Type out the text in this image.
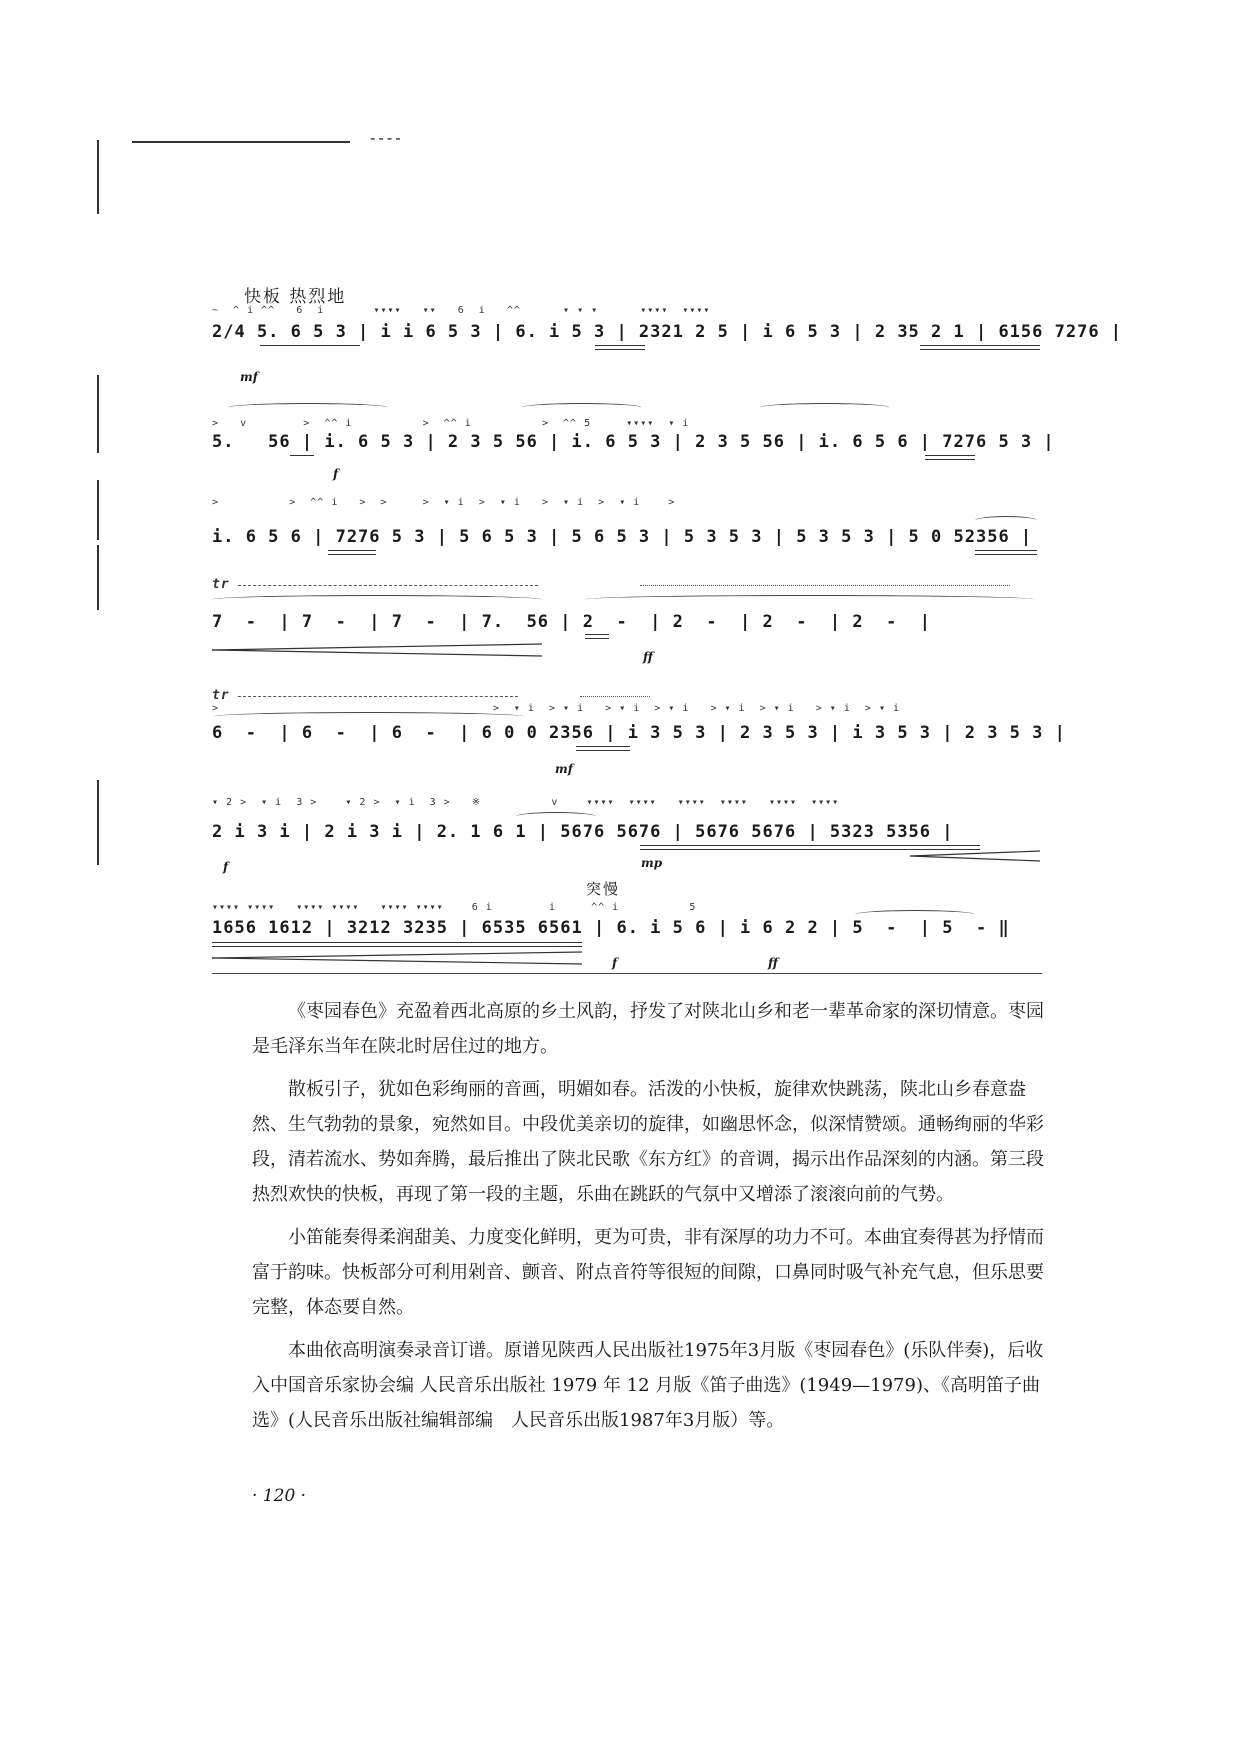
----
快板 热烈地
~  ^ i ^^   6  i       ▾▾▾▾   ▾▾   6  i   ^^      ▾ ▾ ▾      ▾▾▾▾  ▾▾▾▾
2/4 5. 6 5 3 | i i 6 5 3 | 6. i 5 3 | 2321 2 5 | i 6 5 3 | 2 35 2 1 | 6156 7276 |
mf
>   v        >  ^^ i          >  ^^ i          >  ^^ 5     ▾▾▾▾  ▾ i
5.   56 | i. 6 5 3 | 2 3 5 56 | i. 6 5 3 | 2 3 5 56 | i. 6 5 6 | 7276 5 3 |
f
>          >  ^^ i   >  >     >  ▾ i  >  ▾ i   >  ▾ i  >  ▾ i    >
i. 6 5 6 | 7276 5 3 | 5 6 5 3 | 5 6 5 3 | 5 3 5 3 | 5 3 5 3 | 5 0 52356 |
tr
7  -  | 7  -  | 7  -  | 7.  56 | 2  -  | 2  -  | 2  -  | 2  -  |
ff
tr
>                                       >  ▾ i  > ▾ i   > ▾ i  > ▾ i   > ▾ i  > ▾ i   > ▾ i  > ▾ i
6  -  | 6  -  | 6  -  | 6 0 0 2356 | i 3 5 3 | 2 3 5 3 | i 3 5 3 | 2 3 5 3 |
mf
▾ 2 >  ▾ i  3 >    ▾ 2 >  ▾ i  3 >   ※          v    ▾▾▾▾  ▾▾▾▾   ▾▾▾▾  ▾▾▾▾   ▾▾▾▾  ▾▾▾▾
2 i 3 i | 2 i 3 i | 2. 1 6 1 | 5676 5676 | 5676 5676 | 5323 5356 |
f	mp
突慢
▾▾▾▾ ▾▾▾▾   ▾▾▾▾ ▾▾▾▾   ▾▾▾▾ ▾▾▾▾    6 i        i     ^^ i          5
1656 1612 | 3212 3235 | 6535 6561 | 6. i 5 6 | i 6 2 2 | 5  -  | 5  - ‖
f	ff

《枣园春色》充盈着西北高原的乡土风韵，抒发了对陕北山乡和老一辈革命家的深切情意。枣园是毛泽东当年在陕北时居住过的地方。

散板引子，犹如色彩绚丽的音画，明媚如春。活泼的小快板，旋律欢快跳荡，陕北山乡春意盎然、生气勃勃的景象，宛然如目。中段优美亲切的旋律，如幽思怀念，似深情赞颂。通畅绚丽的华彩段，清若流水、势如奔腾，最后推出了陕北民歌《东方红》的音调，揭示出作品深刻的内涵。第三段热烈欢快的快板，再现了第一段的主题，乐曲在跳跃的气氛中又增添了滚滚向前的气势。

小笛能奏得柔润甜美、力度变化鲜明，更为可贵，非有深厚的功力不可。本曲宜奏得甚为抒情而富于韵味。快板部分可利用剁音、颤音、附点音符等很短的间隙，口鼻同时吸气补充气息，但乐思要完整，体态要自然。

本曲依高明演奏录音订谱。原谱见陕西人民出版社1975年3月版《枣园春色》(乐队伴奏)，后收入中国音乐家协会编 人民音乐出版社 1979 年 12 月版《笛子曲选》(1949—1979)、《高明笛子曲选》(人民音乐出版社编辑部编　人民音乐出版1987年3月版）等。

· 120 ·
